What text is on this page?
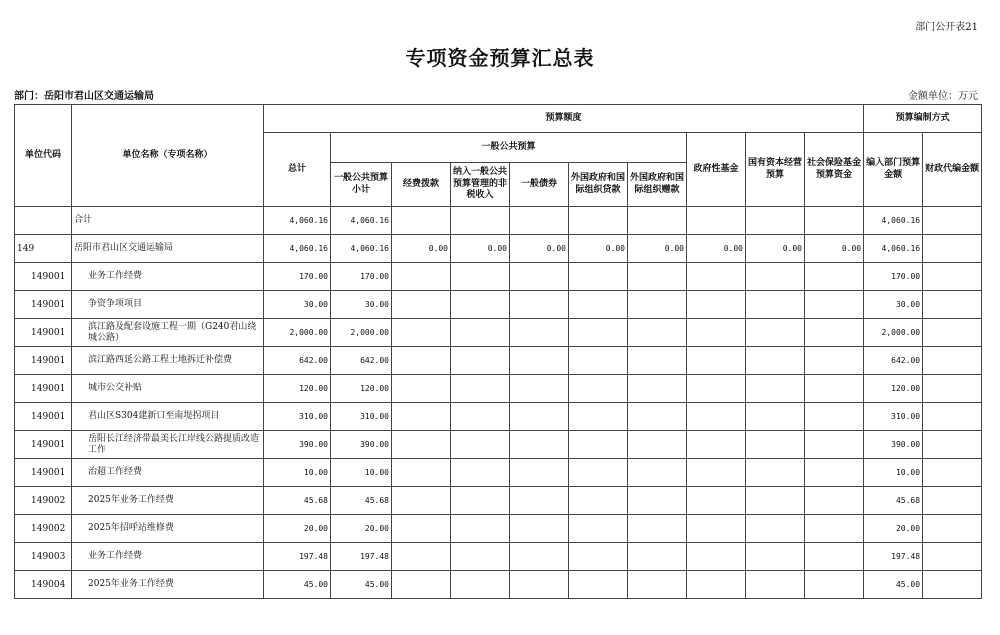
部门公开表21
专项资金预算汇总表
部门：岳阳市君山区交通运输局	金额单位：万元
单位代码	单位名称（专项名称）	预算额度										预算编制方式	
		总计	一般公共预算						政府性基金	国有资本经营预算	社会保险基金预算资金	编入部门预算金额	财政代编金额
			一般公共预算小计	经费拨款	纳入一般公共预算管理的非税收入	一般债券	外国政府和国际组织贷款	外国政府和国际组织赠款					
	合计	4,060.16	4,060.16									4,060.16	
149	岳阳市君山区交通运输局	4,060.16	4,060.16	0.00	0.00	0.00	0.00	0.00	0.00	0.00	0.00	4,060.16	
149001	业务工作经费	170.00	170.00									170.00	
149001	争资争项项目	30.00	30.00									30.00	
149001	滨江路及配套设施工程一期（G240君山绕城公路）	2,000.00	2,000.00									2,000.00	
149001	滨江路西延公路工程土地拆迁补偿费	642.00	642.00									642.00	
149001	城市公交补贴	120.00	120.00									120.00	
149001	君山区S304建新口至南堤拐项目	310.00	310.00									310.00	
149001	岳阳长江经济带最美长江岸线公路提质改造工作	390.00	390.00									390.00	
149001	治超工作经费	10.00	10.00									10.00	
149002	2025年业务工作经费	45.68	45.68									45.68	
149002	2025年招呼站维修费	20.00	20.00									20.00	
149003	业务工作经费	197.48	197.48									197.48	
149004	2025年业务工作经费	45.00	45.00									45.00	
